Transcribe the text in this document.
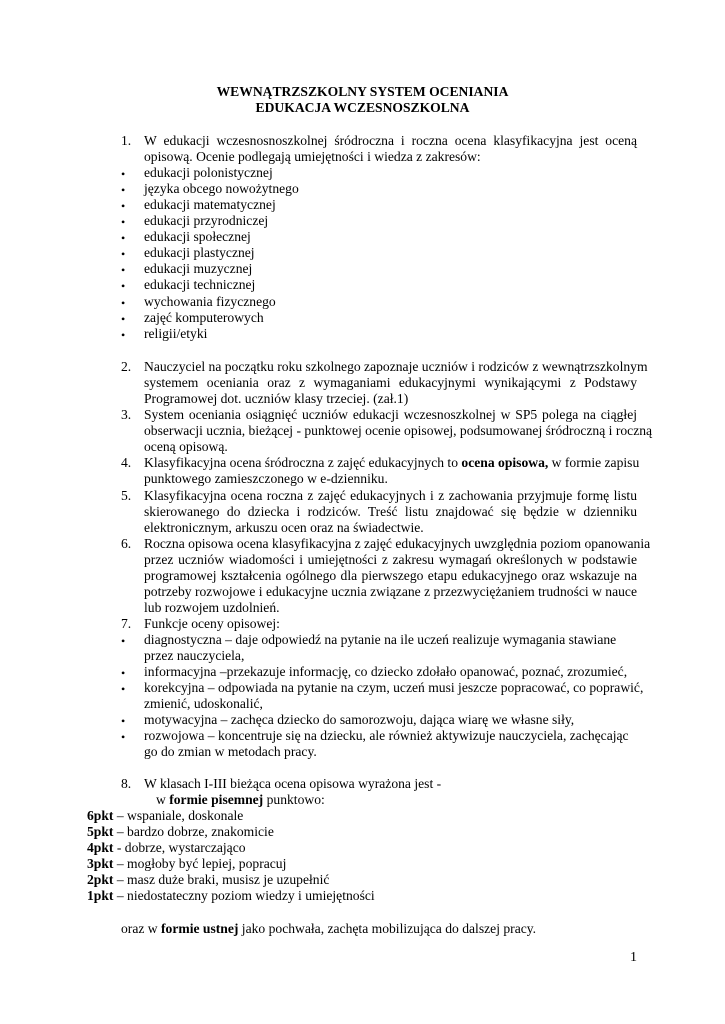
WEWNĄTRZSZKOLNY SYSTEM OCENIANIA
EDUKACJA WCZESNOSZKOLNA
1. W edukacji wczesnosnoszkolnej śródroczna i roczna ocena klasyfikacyjna jest oceną
opisową. Ocenie podlegają umiejętności i wiedza z zakresów:
• edukacji polonistycznej
• języka obcego nowożytnego
• edukacji matematycznej
• edukacji przyrodniczej
• edukacji społecznej
• edukacji plastycznej
• edukacji muzycznej
• edukacji technicznej
• wychowania fizycznego
• zajęć komputerowych
• religii/etyki
2. Nauczyciel na początku roku szkolnego zapoznaje uczniów i rodziców z wewnątrzszkolnym
systemem oceniania oraz z wymaganiami edukacyjnymi wynikającymi z Podstawy
Programowej dot. uczniów klasy trzeciej. (zał.1)
3. System oceniania osiągnięć uczniów edukacji wczesnoszkolnej w SP5 polega na ciągłej
obserwacji ucznia, bieżącej - punktowej ocenie opisowej, podsumowanej śródroczną i roczną
oceną opisową.
4. Klasyfikacyjna ocena śródroczna z zajęć edukacyjnych to ocena opisowa, w formie zapisu
punktowego zamieszczonego w e-dzienniku.
5. Klasyfikacyjna ocena roczna z zajęć edukacyjnych i z zachowania przyjmuje formę listu
skierowanego do dziecka i rodziców. Treść listu znajdować się będzie w dzienniku
elektronicznym, arkuszu ocen oraz na świadectwie.
6. Roczna opisowa ocena klasyfikacyjna z zajęć edukacyjnych uwzględnia poziom opanowania
przez uczniów wiadomości i umiejętności z zakresu wymagań określonych w podstawie
programowej kształcenia ogólnego dla pierwszego etapu edukacyjnego oraz wskazuje na
potrzeby rozwojowe i edukacyjne ucznia związane z przezwyciężaniem trudności w nauce
lub rozwojem uzdolnień.
7. Funkcje oceny opisowej:
• diagnostyczna – daje odpowiedź na pytanie na ile uczeń realizuje wymagania stawiane
przez nauczyciela,
• informacyjna –przekazuje informację, co dziecko zdołało opanować, poznać, zrozumieć,
• korekcyjna – odpowiada na pytanie na czym, uczeń musi jeszcze popracować, co poprawić,
zmienić, udoskonalić,
• motywacyjna – zachęca dziecko do samorozwoju, dająca wiarę we własne siły,
• rozwojowa – koncentruje się na dziecku, ale również aktywizuje nauczyciela, zachęcając
go do zmian w metodach pracy.
8. W klasach I-III bieżąca ocena opisowa wyrażona jest -
w formie pisemnej punktowo:
6pkt – wspaniale, doskonale
5pkt – bardzo dobrze, znakomicie
4pkt - dobrze, wystarczająco
3pkt – mogłoby być lepiej, popracuj
2pkt – masz duże braki, musisz je uzupełnić
1pkt – niedostateczny poziom wiedzy i umiejętności
oraz w formie ustnej jako pochwała, zachęta mobilizująca do dalszej pracy.
1
